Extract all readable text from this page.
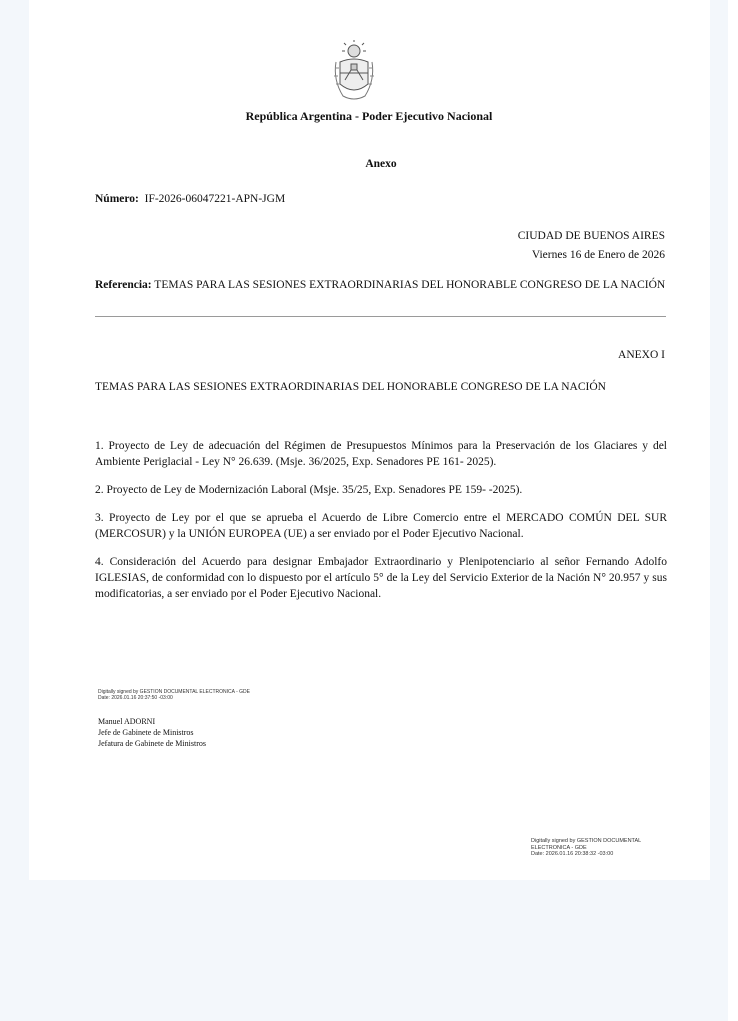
República Argentina - Poder Ejecutivo Nacional
Anexo
Número: IF-2026-06047221-APN-JGM
CIUDAD DE BUENOS AIRES
Viernes 16 de Enero de 2026
Referencia: TEMAS PARA LAS SESIONES EXTRAORDINARIAS DEL HONORABLE CONGRESO DE LA NACIÓN
ANEXO I
TEMAS PARA LAS SESIONES EXTRAORDINARIAS DEL HONORABLE CONGRESO DE LA NACIÓN

1. Proyecto de Ley de adecuación del Régimen de Presupuestos Mínimos para la Preservación de los Glaciares y del Ambiente Periglacial - Ley N° 26.639. (Msje. 36/2025, Exp. Senadores PE 161- 2025).

2. Proyecto de Ley de Modernización Laboral (Msje. 35/25, Exp. Senadores PE 159- -2025).

3. Proyecto de Ley por el que se aprueba el Acuerdo de Libre Comercio entre el MERCADO COMÚN DEL SUR (MERCOSUR) y la UNIÓN EUROPEA (UE) a ser enviado por el Poder Ejecutivo Nacional.

4. Consideración del Acuerdo para designar Embajador Extraordinario y Plenipotenciario al señor Fernando Adolfo IGLESIAS, de conformidad con lo dispuesto por el artículo 5° de la Ley del Servicio Exterior de la Nación N° 20.957 y sus modificatorias, a ser enviado por el Poder Ejecutivo Nacional.

Digitally signed by GESTION DOCUMENTAL ELECTRONICA - GDE
Date: 2026.01.16 20:37:50 -03:00
Manuel ADORNI
Jefe de Gabinete de Ministros
Jefatura de Gabinete de Ministros
Digitally signed by GESTION DOCUMENTAL
ELECTRONICA - GDE
Date: 2026.01.16 20:38:32 -03:00
